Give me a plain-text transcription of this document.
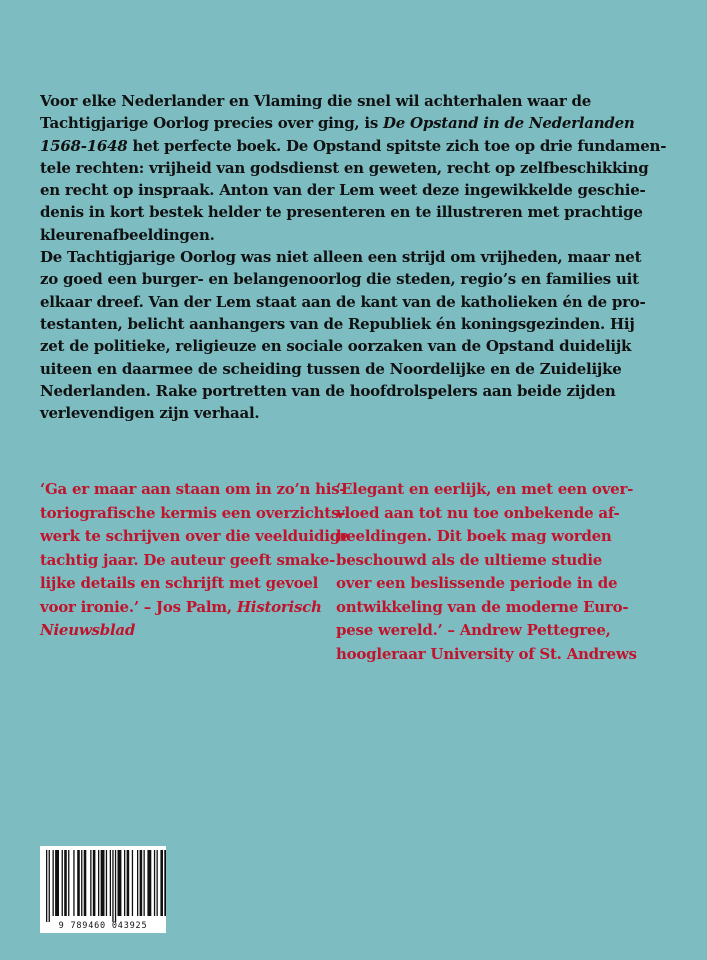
Voor elke Nederlander en Vlaming die snel wil achterhalen waar de
Tachtigjarige Oorlog precies over ging, is De Opstand in de Nederlanden
1568-1648 het perfecte boek. De Opstand spitste zich toe op drie fundamen-
tele rechten: vrijheid van godsdienst en geweten, recht op zelfbeschikking
en recht op inspraak. Anton van der Lem weet deze ingewikkelde geschie-
denis in kort bestek helder te presenteren en te illustreren met prachtige
kleurenafbeeldingen.

De Tachtigjarige Oorlog was niet alleen een strijd om vrijheden, maar net
zo goed een burger- en belangenoorlog die steden, regio’s en families uit
elkaar dreef. Van der Lem staat aan de kant van de katholieken én de pro-
testanten, belicht aanhangers van de Republiek én koningsgezinden. Hij
zet de politieke, religieuze en sociale oorzaken van de Opstand duidelijk
uiteen en daarmee de scheiding tussen de Noordelijke en de Zuidelijke
Nederlanden. Rake portretten van de hoofdrolspelers aan beide zijden
verlevendigen zijn verhaal.

‘Ga er maar aan staan om in zo’n his-
toriografische kermis een overzichts-
werk te schrijven over die veelduidige
tachtig jaar. De auteur geeft smake-
lijke details en schrijft met gevoel
voor ironie.’ – Jos Palm, Historisch
Nieuwsblad
‘Elegant en eerlijk, en met een over-
vloed aan tot nu toe onbekende af-
beeldingen. Dit boek mag worden
beschouwd als de ultieme studie
over een beslissende periode in de
ontwikkeling van de moderne Euro-
pese wereld.’ – Andrew Pettegree,
hoogleraar University of St. Andrews
9 789460 043925
